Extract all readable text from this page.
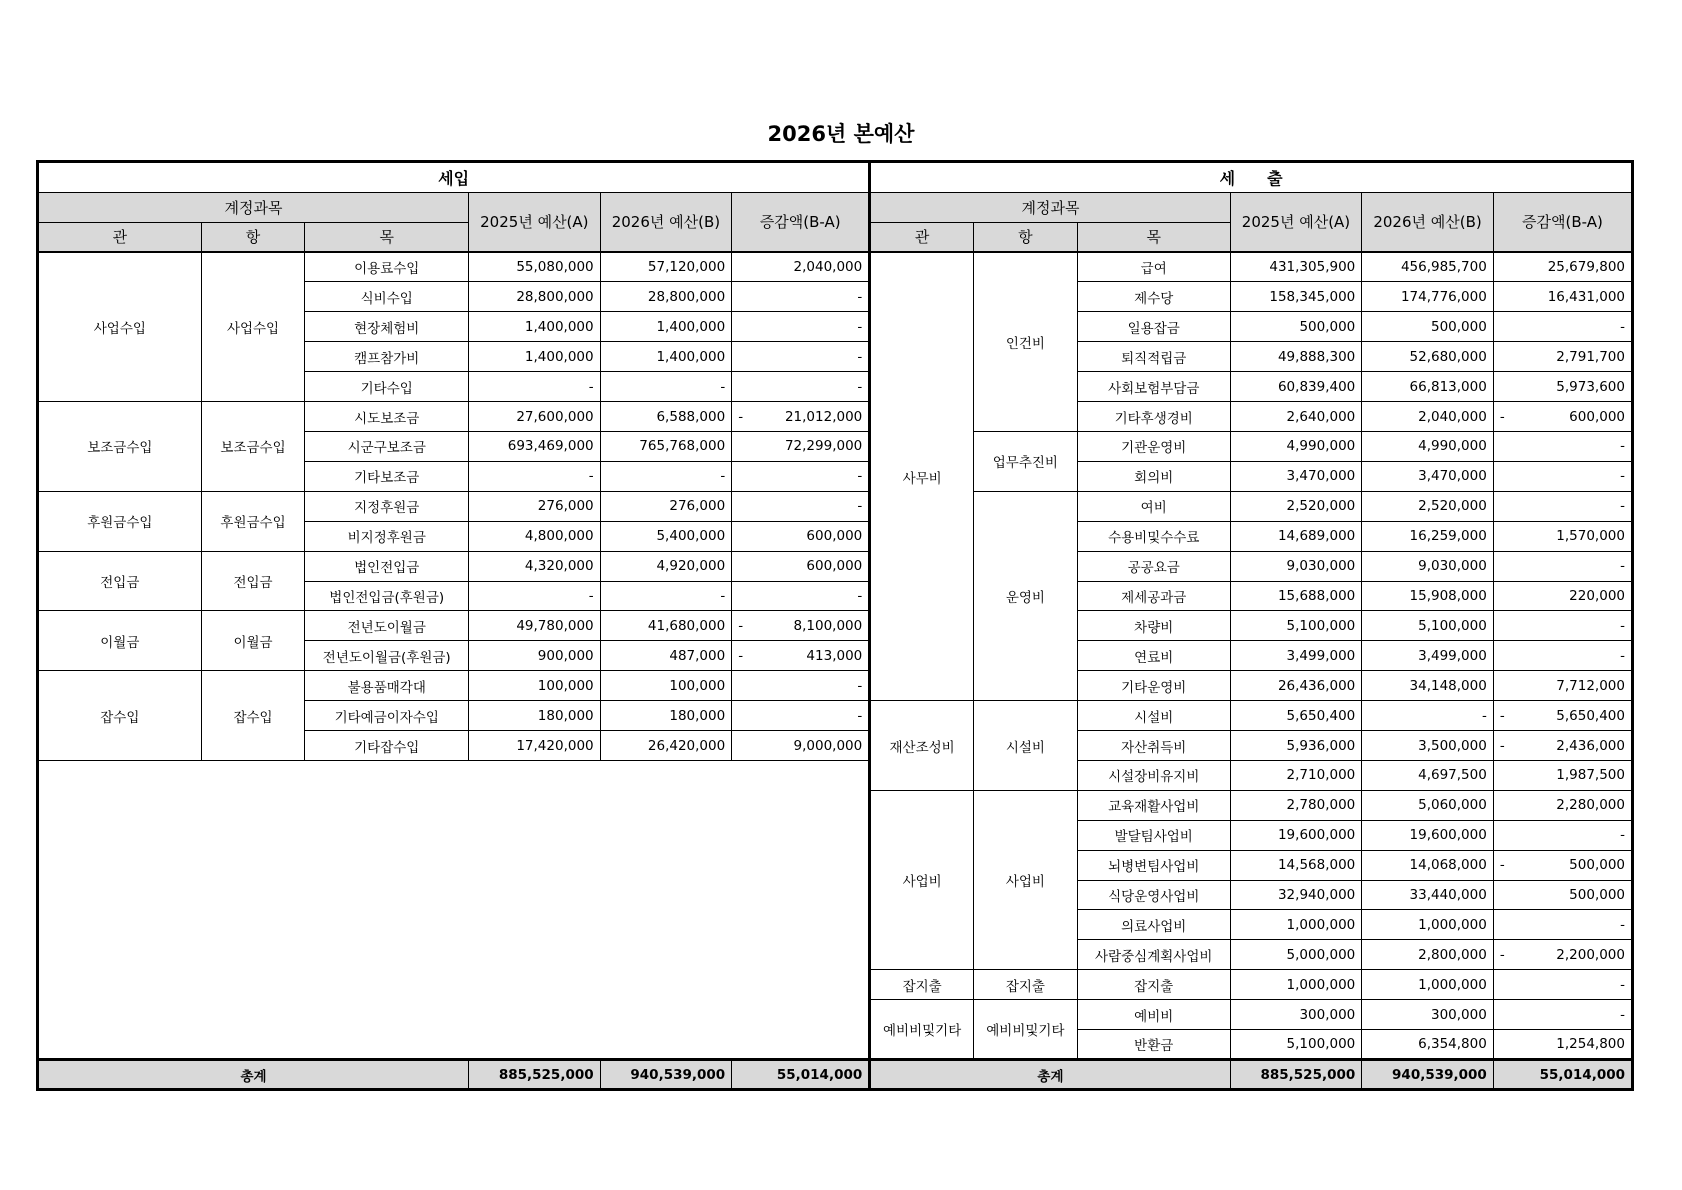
2026년 본예산
세입						세　　출					
계정과목			2025년 예산(A)	2026년 예산(B)	증감액(B-A)	계정과목			2025년 예산(A)	2026년 예산(B)	증감액(B-A)
관	항	목				관	항	목			
사업수입	사업수입	이용료수입	55,080,000	57,120,000	2,040,000	사무비	인건비	급여	431,305,900	456,985,700	25,679,800
		식비수입	28,800,000	28,800,000	-			제수당	158,345,000	174,776,000	16,431,000
		현장체험비	1,400,000	1,400,000	-			일용잡금	500,000	500,000	-
		캠프참가비	1,400,000	1,400,000	-			퇴직적립금	49,888,300	52,680,000	2,791,700
		기타수입	-	-	-			사회보험부담금	60,839,400	66,813,000	5,973,600
보조금수입	보조금수입	시도보조금	27,600,000	6,588,000	- 21,012,000			기타후생경비	2,640,000	2,040,000	- 600,000
		시군구보조금	693,469,000	765,768,000	72,299,000		업무추진비	기관운영비	4,990,000	4,990,000	-
		기타보조금	-	-	-			회의비	3,470,000	3,470,000	-
후원금수입	후원금수입	지정후원금	276,000	276,000	-		운영비	여비	2,520,000	2,520,000	-
		비지정후원금	4,800,000	5,400,000	600,000			수용비및수수료	14,689,000	16,259,000	1,570,000
전입금	전입금	법인전입금	4,320,000	4,920,000	600,000			공공요금	9,030,000	9,030,000	-
		법인전입금(후원금)	-	-	-			제세공과금	15,688,000	15,908,000	220,000
이월금	이월금	전년도이월금	49,780,000	41,680,000	- 8,100,000			차량비	5,100,000	5,100,000	-
		전년도이월금(후원금)	900,000	487,000	- 413,000			연료비	3,499,000	3,499,000	-
잡수입	잡수입	불용품매각대	100,000	100,000	-			기타운영비	26,436,000	34,148,000	7,712,000
		기타예금이자수입	180,000	180,000	-	재산조성비	시설비	시설비	5,650,400	-	- 5,650,400
		기타잡수입	17,420,000	26,420,000	9,000,000			자산취득비	5,936,000	3,500,000	- 2,436,000
								시설장비유지비	2,710,000	4,697,500	1,987,500
						사업비	사업비	교육재활사업비	2,780,000	5,060,000	2,280,000
								발달팀사업비	19,600,000	19,600,000	-
								뇌병변팀사업비	14,568,000	14,068,000	- 500,000
								식당운영사업비	32,940,000	33,440,000	500,000
								의료사업비	1,000,000	1,000,000	-
								사람중심계획사업비	5,000,000	2,800,000	- 2,200,000
						잡지출	잡지출	잡지출	1,000,000	1,000,000	-
						예비비및기타	예비비및기타	예비비	300,000	300,000	-
								반환금	5,100,000	6,354,800	1,254,800
총계			885,525,000	940,539,000	55,014,000	총계			885,525,000	940,539,000	55,014,000
